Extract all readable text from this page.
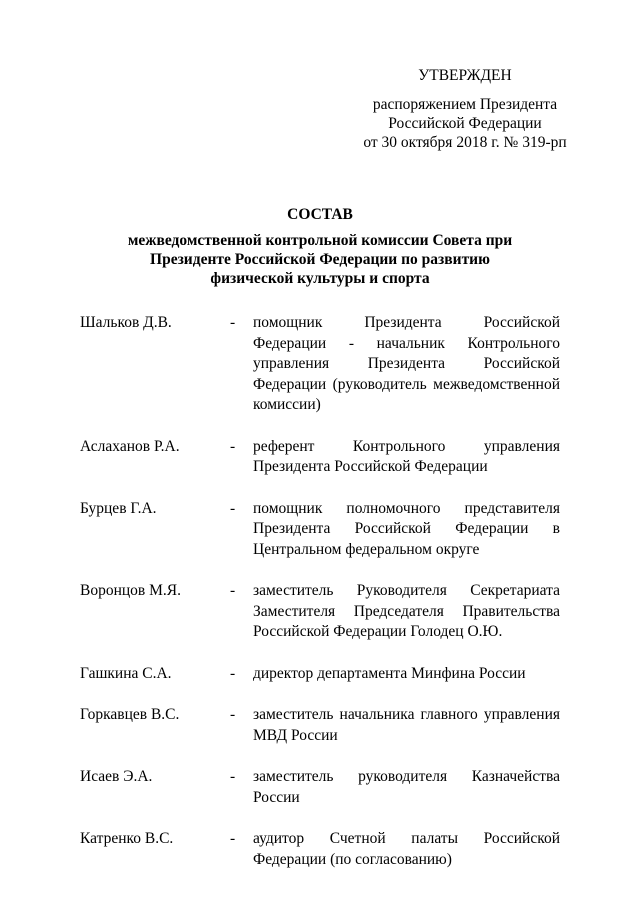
УТВЕРЖДЕН
распоряжением Президента
Российской Федерации
от 30 октября 2018 г. № 319-рп
СОСТАВ
межведомственной контрольной комиссии Совета при
Президенте Российской Федерации по развитию
физической культуры и спорта
Шальков Д.В.	-	помощник Президента Российской Федерации - начальник Контрольного управления Президента Российской Федерации (руководитель межведомственной комиссии)
Аслаханов Р.А.	-	референт Контрольного управления Президента Российской Федерации
Бурцев Г.А.	-	помощник полномочного представителя Президента Российской Федерации в Центральном федеральном округе
Воронцов М.Я.	-	заместитель Руководителя Секретариата Заместителя Председателя Правительства Российской Федерации Голодец О.Ю.
Гашкина С.А.	-	директор департамента Минфина России
Горкавцев В.С.	-	заместитель начальника главного управления МВД России
Исаев Э.А.	-	заместитель руководителя Казначейства России
Катренко В.С.	-	аудитор Счетной палаты Российской Федерации (по согласованию)
